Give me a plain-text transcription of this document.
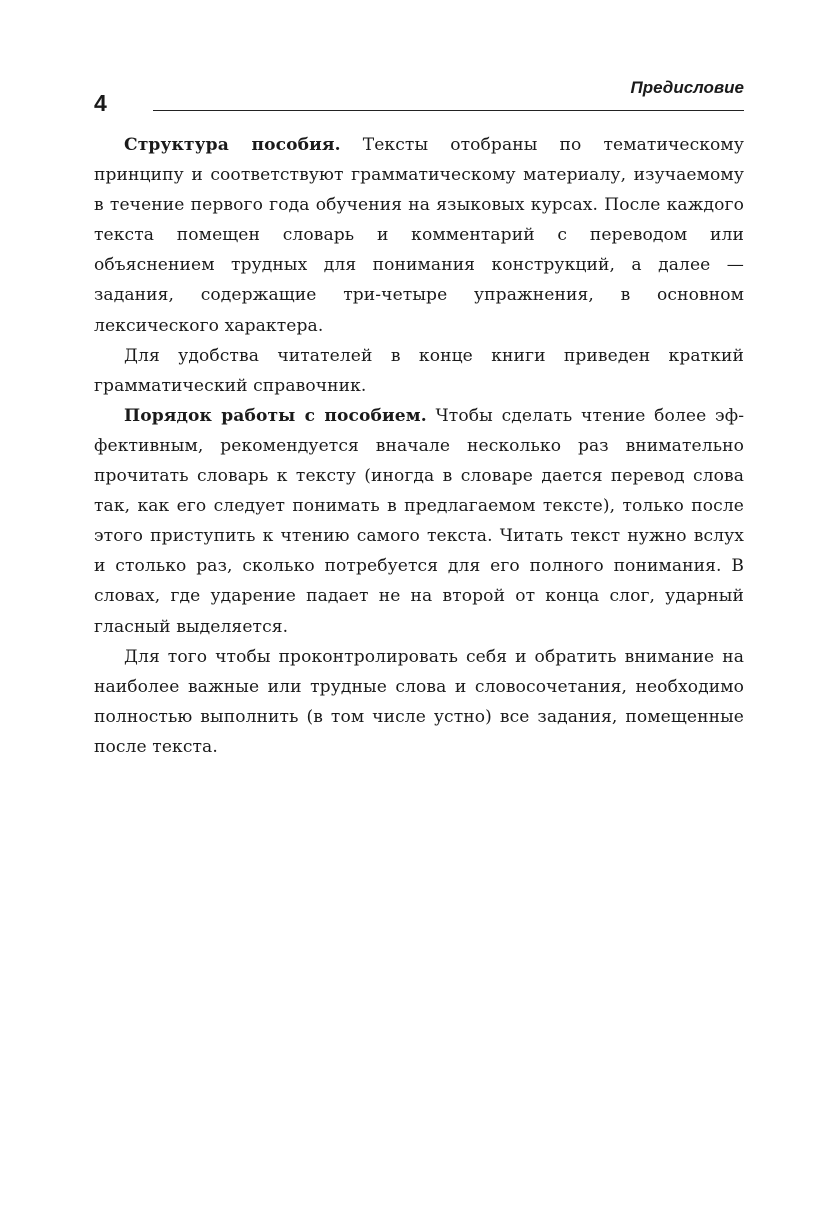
4
Предисловие

Структура пособия. Тексты отобраны по тематическому принципу и соответствуют грамматическому материалу, изучаемому в течение первого года обучения на языковых курсах. После каждого текста помещен словарь и комментарий с переводом или объяснением трудных для понимания конструкций, а далее — задания, содержащие три-четыре упражнения, в основном лексического характера.

Для удобства читателей в конце книги приведен краткий грамматический справочник.

Порядок работы с пособием. Чтобы сделать чтение более эффективным, рекомендуется вначале несколько раз внимательно прочитать словарь к тексту (иногда в словаре дается перевод слова так, как его следует понимать в предлагаемом тексте), только после этого приступить к чтению самого текста. Читать текст нужно вслух и столько раз, сколько потребуется для его полного понимания. В словах, где ударение падает не на второй от конца слог, ударный гласный выделяется.

Для того чтобы проконтролировать себя и обратить внимание на наиболее важные или трудные слова и словосочетания, необходимо полностью выполнить (в том числе устно) все задания, помещенные после текста.
